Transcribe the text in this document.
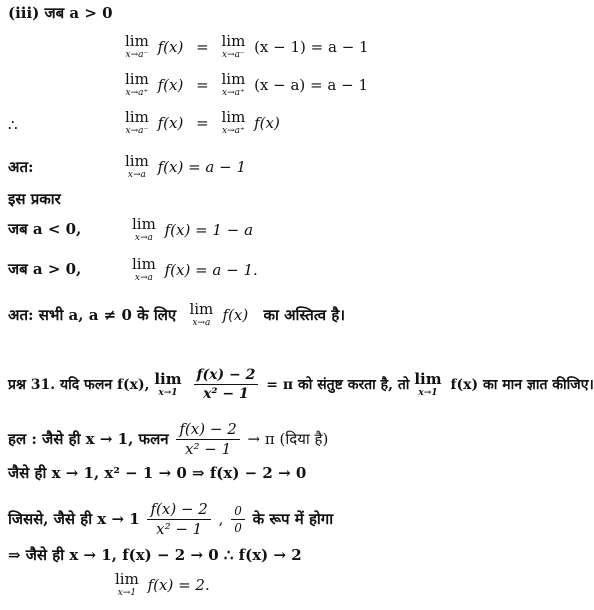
(iii) जब a > 0
lim
x→a⁻ f(x) = lim
x→a⁻ (x − 1) = a − 1
lim
x→a⁺ f(x) = lim
x→a⁺ (x − a) = a − 1
∴	lim
x→a⁻ f(x) = lim
x→a⁺ f(x)
अत:	lim
x→a f(x) = a − 1
इस प्रकार
जब a < 0,	lim
x→a f(x) = 1 − a
जब a > 0,	lim
x→a f(x) = a − 1.
अत: सभी a, a ≠ 0 के लिए lim
x→a f(x) का अस्तित्व है।
प्रश्न 31. यदि फलन f(x), lim
x→1
$\frac{f(x) - 2}{\text{x² − 1}} = \pi$ को संतुष्ट करता है, तो lim
x→1 f(x) का मान ज्ञात कीजिए।
हल : जैसे ही x → 1, फलन $\frac{f(x) - 2}{\text{x² − 1}} \to \pi$ (दिया है)
जैसे ही x → 1, x² − 1 → 0 ⇒ f(x) − 2 → 0
जिससे, जैसे ही $x \to 1 \frac{f(x) - 2}{\text{x² − 1}}$ , $\frac{0}{0}$ के रूप में होगा
⇒ जैसे ही x → 1, f(x) − 2 → 0 ∴ f(x) → 2
lim
x→1 f(x) = 2.
